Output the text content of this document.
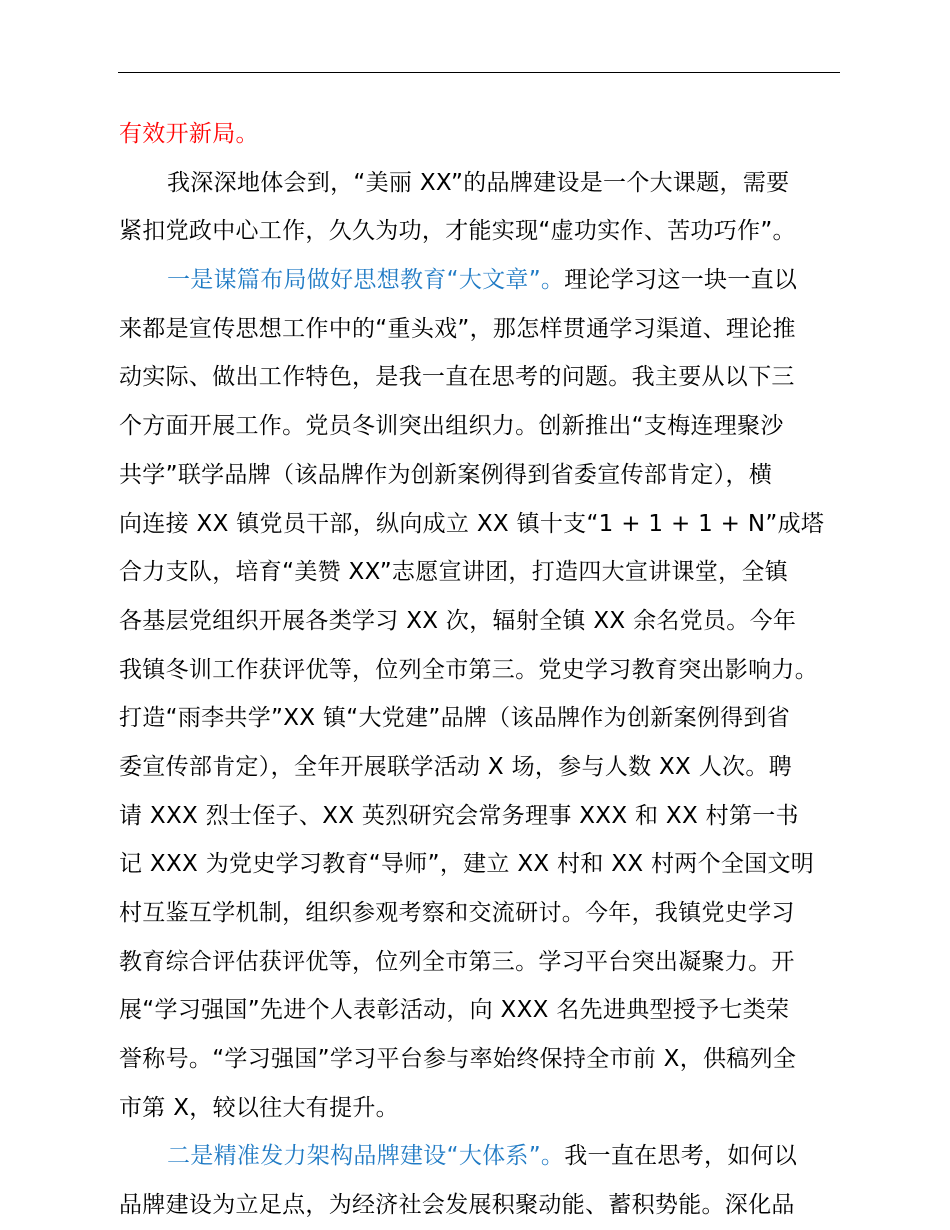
有效开新局。
我深深地体会到，“美丽 XX”的品牌建设是一个大课题，需要
紧扣党政中心工作，久久为功，才能实现“虚功实作、苦功巧作”。
一是谋篇布局做好思想教育“大文章”。理论学习这一块一直以
来都是宣传思想工作中的“重头戏”，那怎样贯通学习渠道、理论推
动实际、做出工作特色，是我一直在思考的问题。我主要从以下三
个方面开展工作。党员冬训突出组织力。创新推出“支梅连理聚沙
共学”联学品牌（该品牌作为创新案例得到省委宣传部肯定），横
向连接 XX 镇党员干部，纵向成立 XX 镇十支“1 + 1 + 1 + N”成塔
合力支队，培育“美赞 XX”志愿宣讲团，打造四大宣讲课堂，全镇
各基层党组织开展各类学习 XX 次，辐射全镇 XX 余名党员。今年
我镇冬训工作获评优等，位列全市第三。党史学习教育突出影响力。
打造“雨李共学”XX 镇“大党建”品牌（该品牌作为创新案例得到省
委宣传部肯定），全年开展联学活动 X 场，参与人数 XX 人次。聘
请 XXX 烈士侄子、XX 英烈研究会常务理事 XXX 和 XX 村第一书
记 XXX 为党史学习教育“导师”，建立 XX 村和 XX 村两个全国文明
村互鉴互学机制，组织参观考察和交流研讨。今年，我镇党史学习
教育综合评估获评优等，位列全市第三。学习平台突出凝聚力。开
展“学习强国”先进个人表彰活动，向 XXX 名先进典型授予七类荣
誉称号。“学习强国”学习平台参与率始终保持全市前 X，供稿列全
市第 X，较以往大有提升。
二是精准发力架构品牌建设“大体系”。我一直在思考，如何以
品牌建设为立足点，为经济社会发展积聚动能、蓄积势能。深化品
